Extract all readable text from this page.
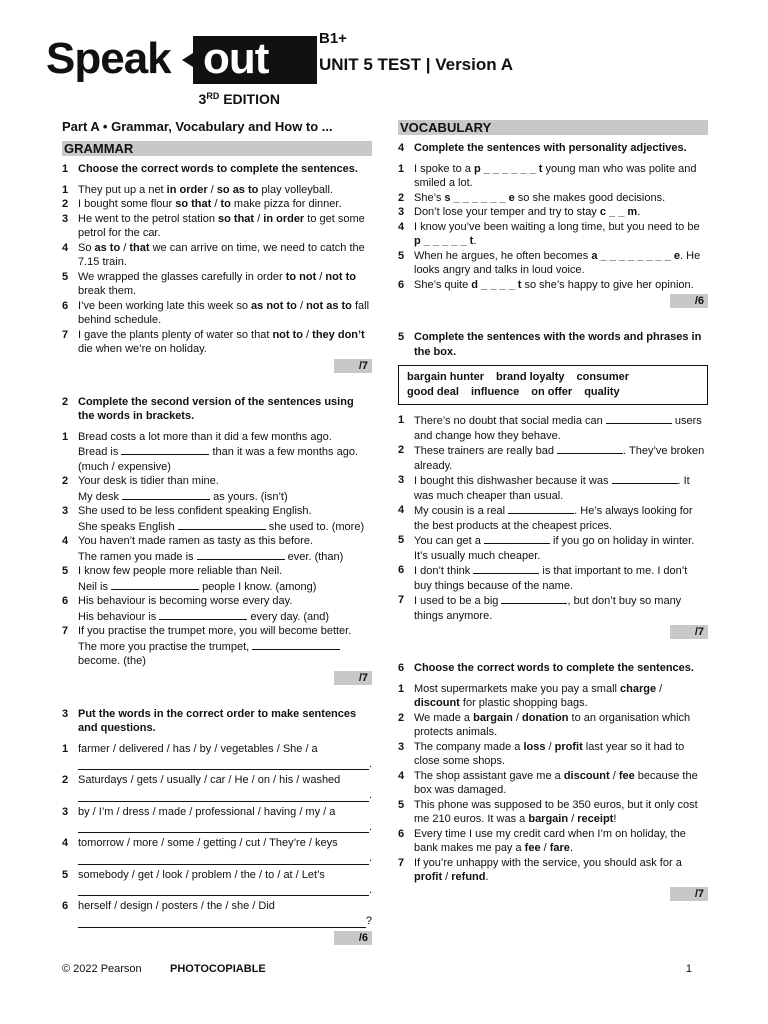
Speak out
3RD EDITION
B1+
UNIT 5 TEST | Version A
Part A • Grammar, Vocabulary and How to ...
GRAMMAR
1 Choose the correct words to complete the sentences.
1 They put up a net in order / so as to play volleyball.
2 I bought some flour so that / to make pizza for dinner.
3 He went to the petrol station so that / in order to get some petrol for the car.
4 So as to / that we can arrive on time, we need to catch the 7.15 train.
5 We wrapped the glasses carefully in order to not / not to break them.
6 I’ve been working late this week so as not to / not as to fall behind schedule.
7 I gave the plants plenty of water so that not to / they don’t die when we’re on holiday.
/7
2 Complete the second version of the sentences using the words in brackets.
1 Bread costs a lot more than it did a few months ago.
Bread is	than it was a few months ago. (much / expensive)
2 Your desk is tidier than mine.
My desk	as yours. (isn’t)
3 She used to be less confident speaking English.
She speaks English	she used to. (more)
4 You haven’t made ramen as tasty as this before.
The ramen you made is	ever. (than)
5 I know few people more reliable than Neil.
Neil is	people I know. (among)
6 His behaviour is becoming worse every day.
His behaviour is	every day. (and)
7 If you practise the trumpet more, you will become better.
The more you practise the trumpet,  become. (the)
/7
3 Put the words in the correct order to make sentences and questions.
1 farmer / delivered / has / by / vegetables / She / a
.
2 Saturdays / gets / usually / car / He / on / his / washed
.
3 by / I’m / dress / made / professional / having / my / a
.
4 tomorrow / more / some / getting / cut / They’re / keys
.
5 somebody / get / look / problem / the / to / at / Let’s
.
6 herself / design / posters / the / she / Did
?
/6
VOCABULARY
4 Complete the sentences with personality adjectives.
1 I spoke to a p _ _ _ _ _ _ t young man who was polite and smiled a lot.
2 She’s s _ _ _ _ _ _ e so she makes good decisions.
3 Don’t lose your temper and try to stay c _ _ m.
4 I know you’ve been waiting a long time, but you need to be p _ _ _ _ _ t.
5 When he argues, he often becomes a _ _ _ _ _ _ _ _ e. He looks angry and talks in loud voice.
6 She’s quite d _ _ _ _ t so she’s happy to give her opinion.
/6
5 Complete the sentences with the words and phrases in the box.
bargain hunter brand loyalty consumer
good deal influence on offer quality
1 There’s no doubt that social media can	users and change how they behave.
2 These trainers are really bad	. They’ve broken already.
3 I bought this dishwasher because it was	. It was much cheaper than usual.
4 My cousin is a real	. He’s always looking for the best products at the cheapest prices.
5 You can get a	if you go on holiday in winter. It’s usually much cheaper.
6 I don’t think	is that important to me. I don’t buy things because of the name.
7 I used to be a big	, but don’t buy so many things anymore.
/7
6 Choose the correct words to complete the sentences.
1 Most supermarkets make you pay a small charge / discount for plastic shopping bags.
2 We made a bargain / donation to an organisation which protects animals.
3 The company made a loss / profit last year so it had to close some shops.
4 The shop assistant gave me a discount / fee because the box was damaged.
5 This phone was supposed to be 350 euros, but it only cost me 210 euros. It was a bargain / receipt!
6 Every time I use my credit card when I’m on holiday, the bank makes me pay a fee / fare.
7 If you’re unhappy with the service, you should ask for a profit / refund.
/7
© 2022 Pearson	PHOTOCOPIABLE	1
